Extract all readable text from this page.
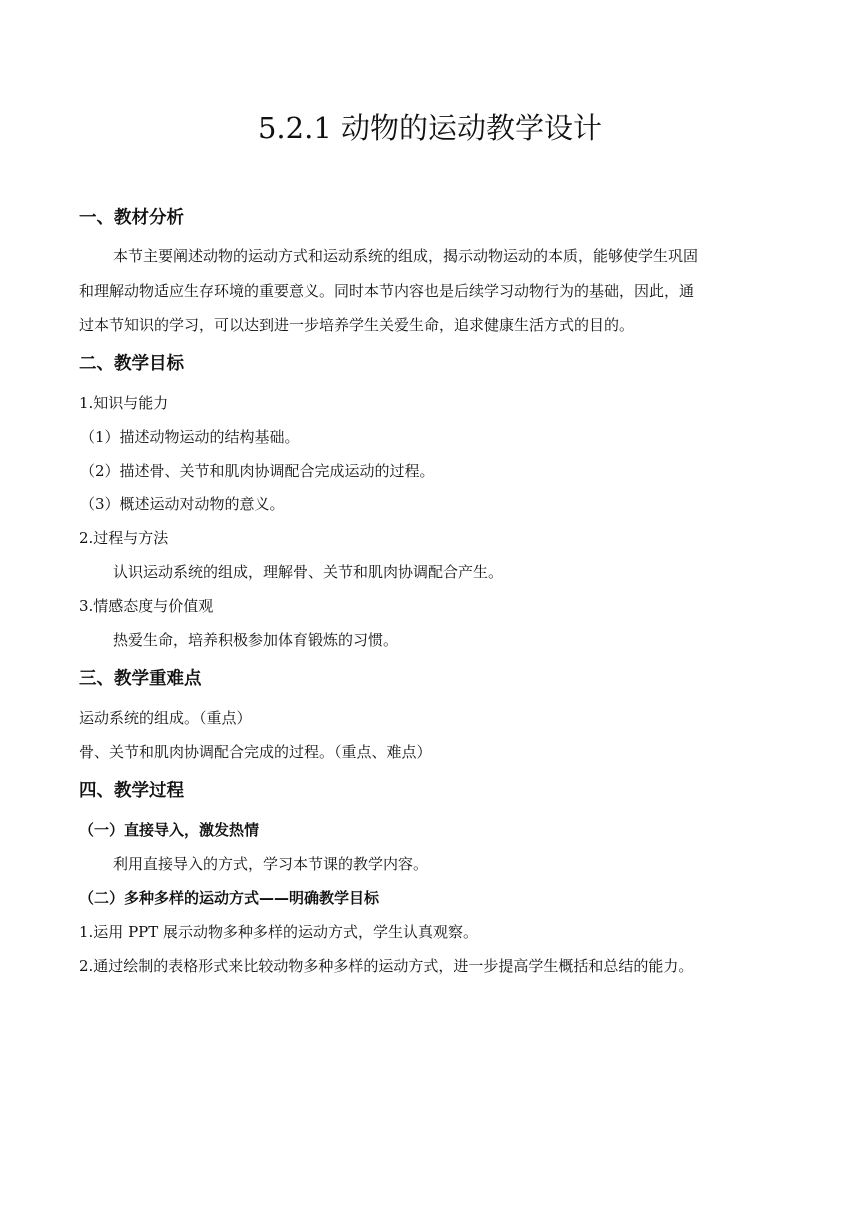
5.2.1 动物的运动教学设计
一、教材分析
本节主要阐述动物的运动方式和运动系统的组成，揭示动物运动的本质，能够使学生巩固
和理解动物适应生存环境的重要意义。同时本节内容也是后续学习动物行为的基础，因此，通
过本节知识的学习，可以达到进一步培养学生关爱生命，追求健康生活方式的目的。
二、教学目标
1.知识与能力
（1）描述动物运动的结构基础。
（2）描述骨、关节和肌肉协调配合完成运动的过程。
（3）概述运动对动物的意义。
2.过程与方法
认识运动系统的组成，理解骨、关节和肌肉协调配合产生。
3.情感态度与价值观
热爱生命，培养积极参加体育锻炼的习惯。
三、教学重难点
运动系统的组成。（重点）
骨、关节和肌肉协调配合完成的过程。（重点、难点）
四、教学过程
（一）直接导入，激发热情
利用直接导入的方式，学习本节课的教学内容。
（二）多种多样的运动方式——明确教学目标
1.运用 PPT 展示动物多种多样的运动方式，学生认真观察。
2.通过绘制的表格形式来比较动物多种多样的运动方式，进一步提高学生概括和总结的能力。
